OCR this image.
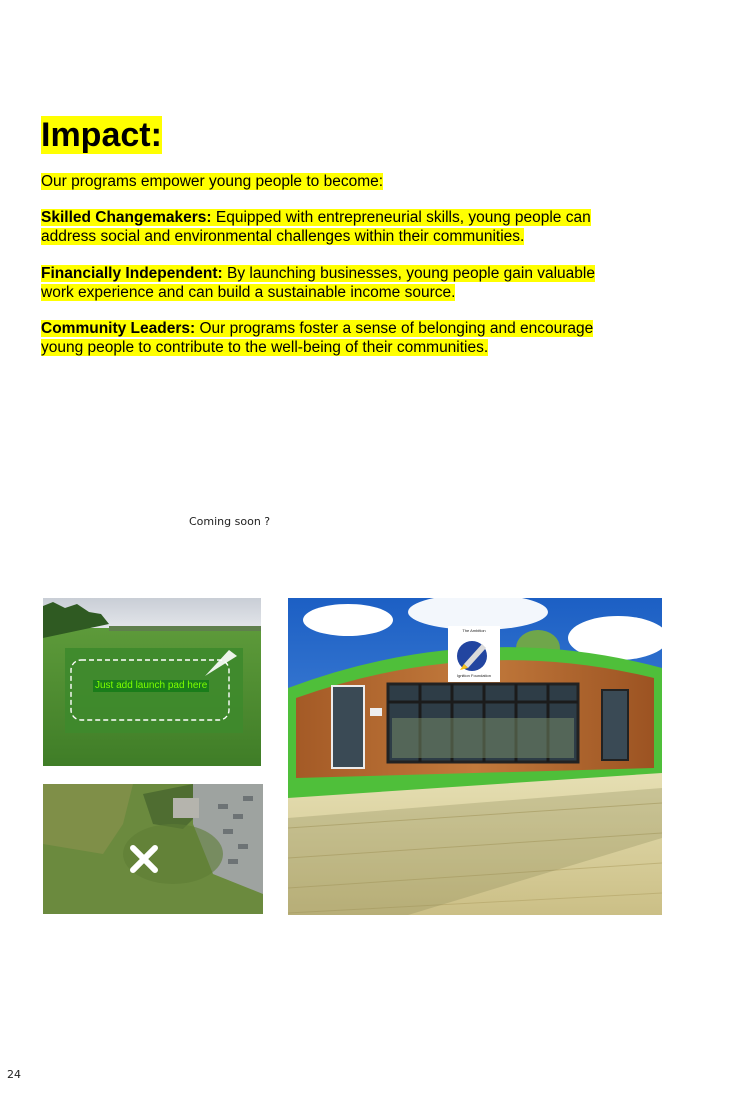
Impact:
Our programs empower young people to become:
Skilled Changemakers: Equipped with entrepreneurial skills, young people can
address social and environmental challenges within their communities.
Financially Independent: By launching businesses, young people gain valuable
work experience and can build a sustainable income source.
Community Leaders: Our programs foster a sense of belonging and encourage
young people to contribute to the well-being of their communities.
Coming soon ?
Just add launch pad here
The Ambition
Ignition Foundation
24
